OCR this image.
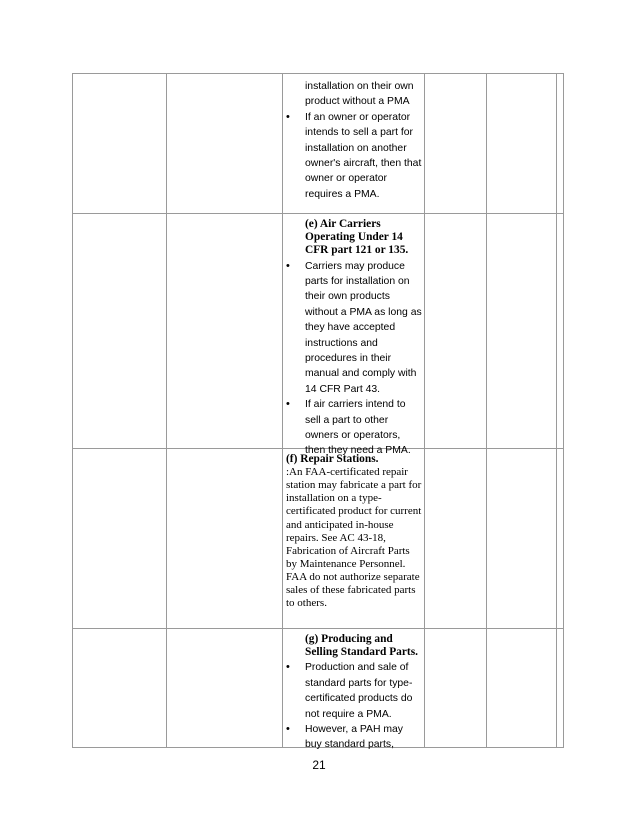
installation on their own product without a PMA
• If an owner or operator intends to sell a part for installation on another owner's aircraft, then that owner or operator requires a PMA.
(e) Air Carriers Operating Under 14 CFR part 121 or 135.
• Carriers may produce parts for installation on their own products without a PMA as long as they have accepted instructions and procedures in their manual and comply with 14 CFR Part 43.
• If air carriers intend to sell a part to other owners or operators, then they need a PMA.
(f) Repair Stations.
:An FAA-certificated repair station may fabricate a part for installation on a type-certificated product for current and anticipated in-house repairs. See AC 43-18, Fabrication of Aircraft Parts by Maintenance Personnel. FAA do not authorize separate sales of these fabricated parts to others.
(g) Producing and Selling Standard Parts.
• Production and sale of standard parts for type-certificated products do not require a PMA.
• However, a PAH may buy standard parts,
21
